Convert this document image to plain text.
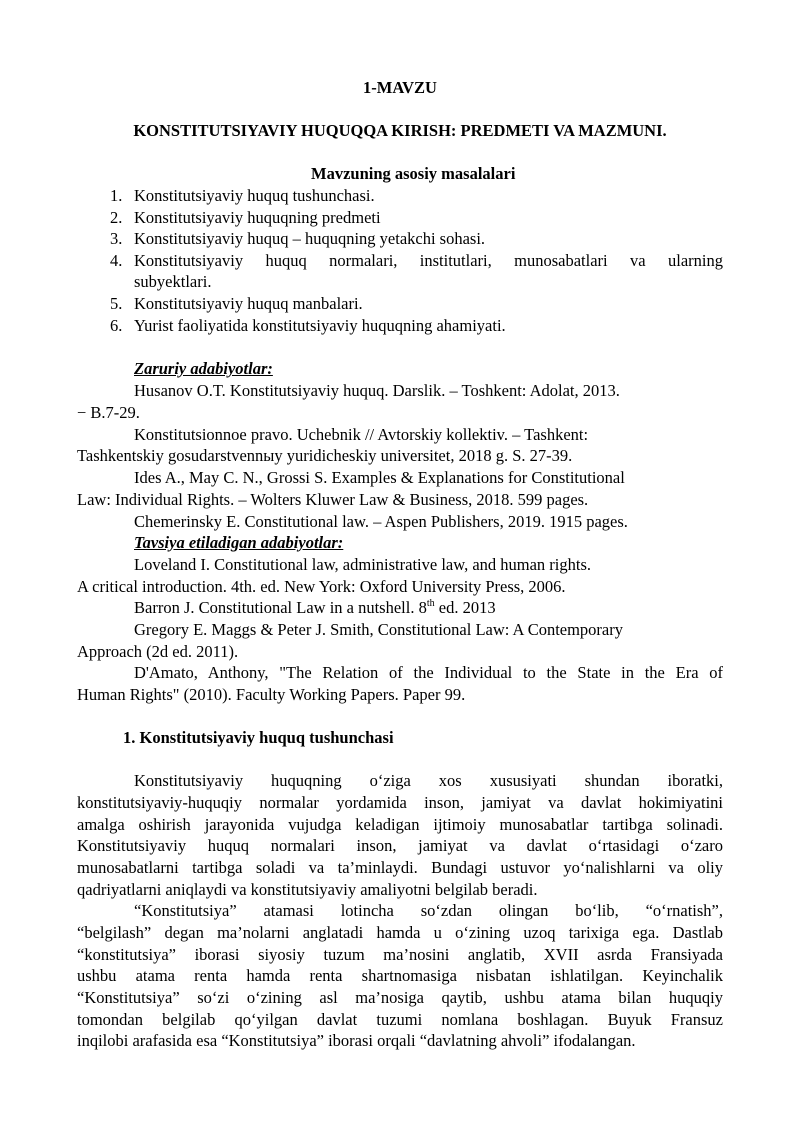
1-MAVZU
KONSTITUTSIYAVIY HUQUQQA KIRISH: PREDMETI VA MAZMUNI.
Mavzuning asosiy masalalari
1. Konstitutsiyaviy huquq tushunchasi.
2. Konstitutsiyaviy huquqning predmeti
3. Konstitutsiyaviy huquq – huquqning yetakchi sohasi.
4. Konstitutsiyaviy huquq normalari, institutlari, munosabatlari va ularning
subyektlari.
5. Konstitutsiyaviy huquq manbalari.
6. Yurist faoliyatida konstitutsiyaviy huquqning ahamiyati.
Zaruriy adabiyotlar:
Husanov O.T. Konstitutsiyaviy huquq. Darslik. – Toshkent: Adolat, 2013.
− B.7-29.
Konstitutsionnoe pravo. Uchebnik // Avtorskiy kollektiv. – Tashkent:
Tashkentskiy gosudarstvennыy yuridicheskiy universitet, 2018 g. S. 27-39.
Ides A., May C. N., Grossi S. Examples & Explanations for Constitutional
Law: Individual Rights. – Wolters Kluwer Law & Business, 2018. 599 pages.
Chemerinsky E. Constitutional law. – Aspen Publishers, 2019. 1915 pages.
Tavsiya etiladigan adabiyotlar:
Loveland I. Constitutional law, administrative law, and human rights.
A critical introduction. 4th. ed. New York: Oxford University Press, 2006.
Barron J. Constitutional Law in a nutshell. 8th ed. 2013
Gregory E. Maggs & Peter J. Smith, Constitutional Law: A Contemporary
Approach (2d ed. 2011).
D'Amato, Anthony, "The Relation of the Individual to the State in the Era of
Human Rights" (2010). Faculty Working Papers. Paper 99.
1. Konstitutsiyaviy huquq tushunchasi
Konstitutsiyaviy huquqning o‘ziga xos xususiyati shundan iboratki,
konstitutsiyaviy-huquqiy normalar yordamida inson, jamiyat va davlat hokimiyatini
amalga oshirish jarayonida vujudga keladigan ijtimoiy munosabatlar tartibga solinadi.
Konstitutsiyaviy huquq normalari inson, jamiyat va davlat o‘rtasidagi o‘zaro
munosabatlarni tartibga soladi va ta’minlaydi. Bundagi ustuvor yo‘nalishlarni va oliy
qadriyatlarni aniqlaydi va konstitutsiyaviy amaliyotni belgilab beradi.
“Konstitutsiya” atamasi lotincha so‘zdan olingan bo‘lib, “o‘rnatish”,
“belgilash” degan ma’nolarni anglatadi hamda u o‘zining uzoq tarixiga ega. Dastlab
“konstitutsiya” iborasi siyosiy tuzum ma’nosini anglatib, XVII asrda Fransiyada
ushbu atama renta hamda renta shartnomasiga nisbatan ishlatilgan. Keyinchalik
“Konstitutsiya” so‘zi o‘zining asl ma’nosiga qaytib, ushbu atama bilan huquqiy
tomondan belgilab qo‘yilgan davlat tuzumi nomlana boshlagan. Buyuk Fransuz
inqilobi arafasida esa “Konstitutsiya” iborasi orqali “davlatning ahvoli” ifodalangan.
